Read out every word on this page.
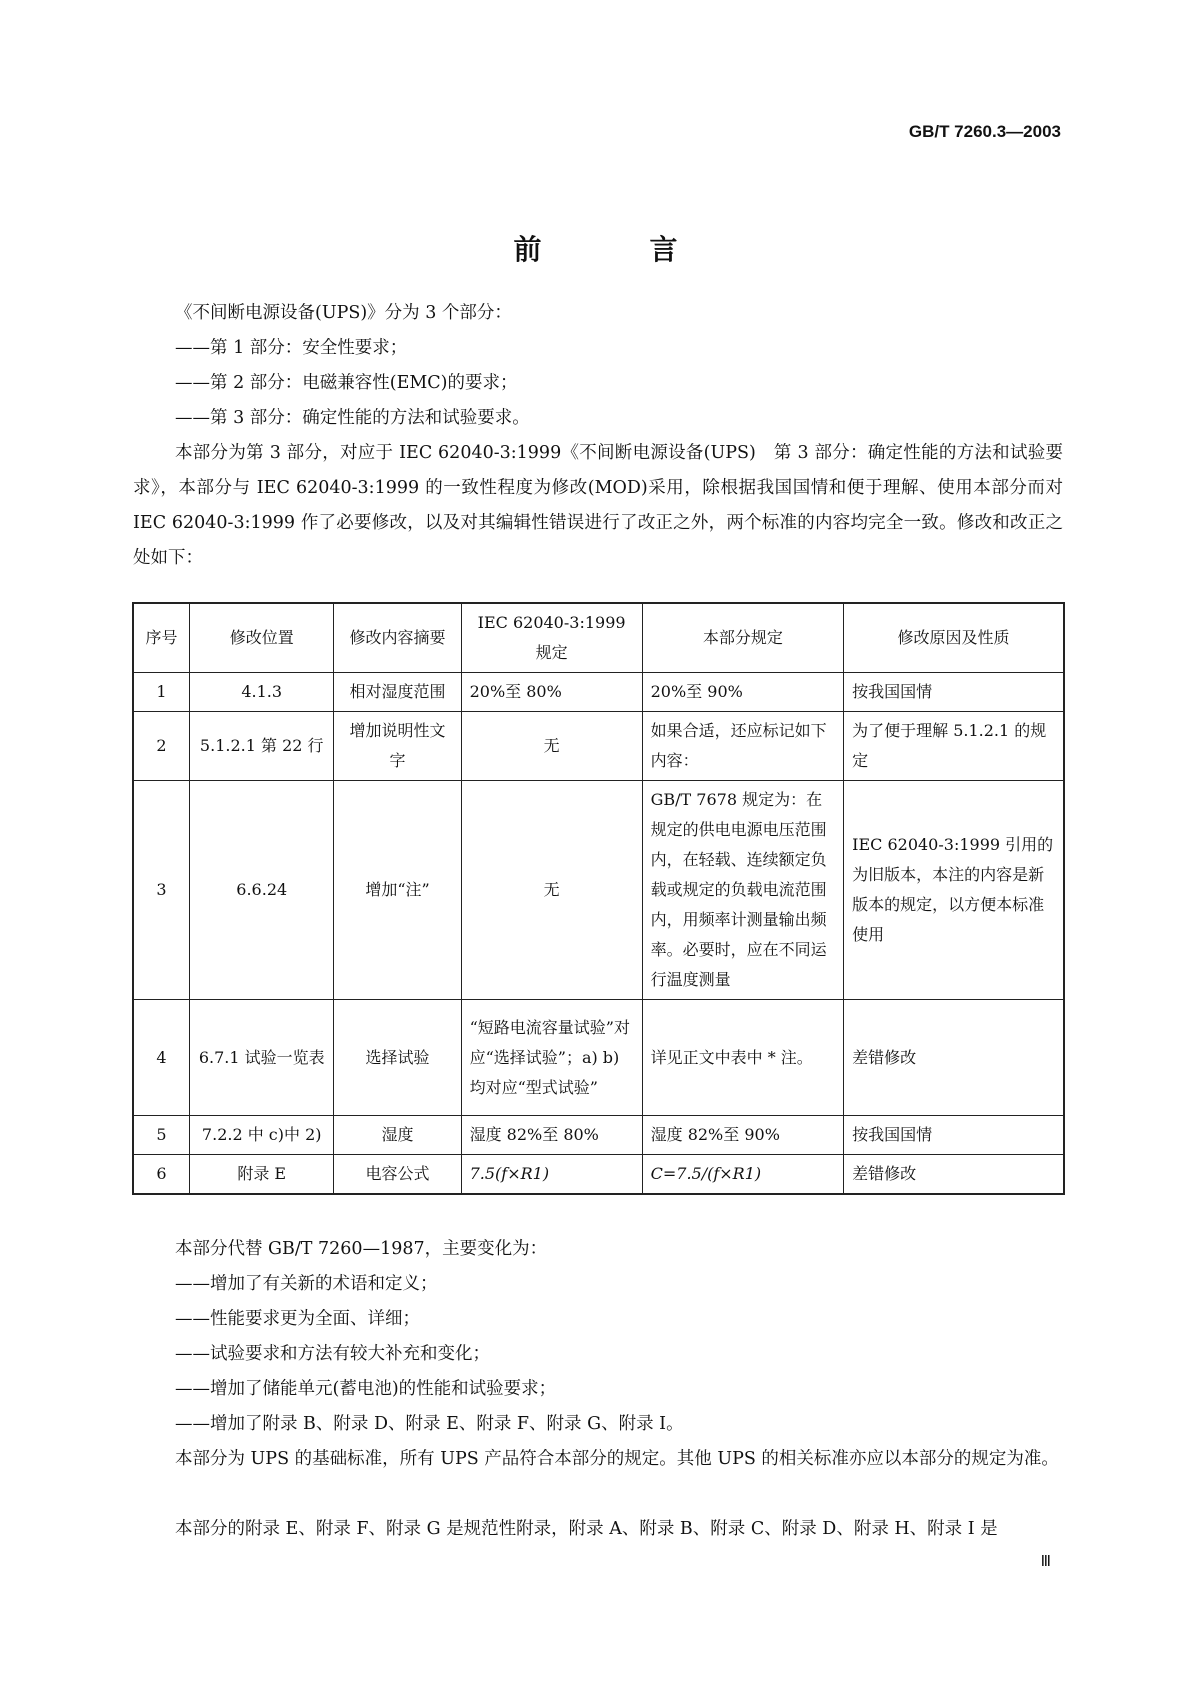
GB/T 7260.3—2003
前　言
《不间断电源设备(UPS)》分为 3 个部分：
——第 1 部分：安全性要求；
——第 2 部分：电磁兼容性(EMC)的要求；
——第 3 部分：确定性能的方法和试验要求。
本部分为第 3 部分，对应于 IEC 62040-3:1999《不间断电源设备(UPS)　第 3 部分：确定性能的方法和试验要求》，本部分与 IEC 62040-3:1999 的一致性程度为修改(MOD)采用，除根据我国国情和便于理解、使用本部分而对 IEC 62040-3:1999 作了必要修改，以及对其编辑性错误进行了改正之外，两个标准的内容均完全一致。修改和改正之处如下：
序号	修改位置	修改内容摘要	IEC 62040-3:1999 规定	本部分规定	修改原因及性质
1	4.1.3	相对湿度范围	20%至 80%	20%至 90%	按我国国情
2	5.1.2.1 第 22 行	增加说明性文字	无	如果合适，还应标记如下内容：	为了便于理解 5.1.2.1 的规定
3	6.6.24	增加“注”	无	GB/T 7678 规定为：在规定的供电电源电压范围内，在轻载、连续额定负载或规定的负载电流范围内，用频率计测量输出频率。必要时，应在不同运行温度测量	IEC 62040-3:1999 引用的为旧版本，本注的内容是新版本的规定，以方便本标准使用
4	6.7.1 试验一览表	选择试验	“短路电流容量试验”对应“选择试验”；a) b)均对应“型式试验”	详见正文中表中 * 注。	差错修改
5	7.2.2 中 c)中 2)	湿度	湿度 82%至 80%	湿度 82%至 90%	按我国国情
6	附录 E	电容公式	7.5(f×R1)	C=7.5/(f×R1)	差错修改
本部分代替 GB/T 7260—1987，主要变化为：
——增加了有关新的术语和定义；
——性能要求更为全面、详细；
——试验要求和方法有较大补充和变化；
——增加了储能单元(蓄电池)的性能和试验要求；
——增加了附录 B、附录 D、附录 E、附录 F、附录 G、附录 I。
本部分为 UPS 的基础标准，所有 UPS 产品符合本部分的规定。其他 UPS 的相关标准亦应以本部分的规定为准。
本部分的附录 E、附录 F、附录 G 是规范性附录，附录 A、附录 B、附录 C、附录 D、附录 H、附录 I 是
Ⅲ
